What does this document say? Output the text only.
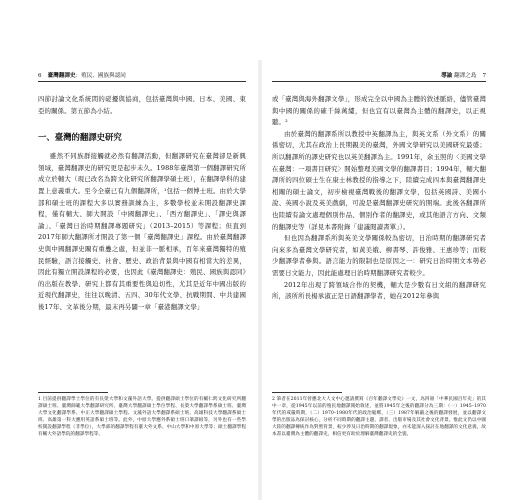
6 臺灣翻譯史：殖民、國族與認同

四節討論文化系統間的磋擾與協商，包括臺灣與中國、日本、美國、東亞的關係。第五節為小結。

一、臺灣的翻譯史研究

雖然不同族群接觸就必然有翻譯活動，但翻譯研究在臺灣卻是新興領域，臺灣翻譯史的研究更是起步未久。1988年臺灣第一個翻譯研究所成立於輔大（現已改名為跨文化研究所翻譯學碩士班），在翻譯學科的建置上意義重大。至今全臺已有九個翻譯所，¹包括一個博士班。由於大學部和碩士班的課程大多以實務訓練為主，多數學校並未開設翻譯史課程，僅有輔大、師大開設「中國翻譯史」、「西方翻譯史」、「譯史與譯論」、「臺灣日治時期翻譯專題研究」（2013–2015）等課程；但直到2017年師大翻譯所才開設了第一個「臺灣翻譯史」課程。由於臺灣翻譯史與中國翻譯史關有重疊之處，但並非一脈相承，百年來臺灣獨特的殖民經驗，語言接觸史、社會、歷史、政治背景與中國有相當大的差異，因此有獨立開設課程的必要，也因此《臺灣翻譯史：殖民、國族與認同》的出版在教學、研究上都有其重要性與迫切性，尤其是近年中國出版的近現代翻譯史，往往以晚清、五四、30年代文學、抗戰期間、中共建國後17年、文革後分期，最末再另闢一章「臺港翻譯文學」

1 目前提供翻譯學士學位的有長榮大學和文藻外語大學。提供翻譯碩士學位的有輔仁跨文化研究所翻譯碩士班、臺灣師範大學翻譯研究所、臺灣大學翻譯碩士學位學程、長榮大學翻譯學系碩士班、臺灣大學文化翻譯學系、中正大學翻譯碩士學程、文藻外語大學翻譯系碩士班、高雄科技大學翻譯系碩士班、高雄第一科大應用英語系碩士班等。此外，中原大學應外系碩士班口筆譯組等，另外也有一些學校開設翻譯學程（非學位），大學部的翻譯學程有臺大外文系、中山大學和中原大學等；碩士翻譯學程有輔大外語學院的翻譯學程等。

導論 翻譯之島 7

或「臺灣與海外翻譯文學」，形成完全以中國為主體的敘述脈絡，儘管臺灣與中國的關係的確千絲萬縷，但也宜有以臺灣為主體的翻譯史，以正視聽。²

由於臺灣的翻譯系所以教授中英翻譯為主，與英文系（外文系）的關係密切，尤其在政治上長期親美的臺灣，外國文學研究以美國研究最盛；所以翻譯所的譯史研究也以英美翻譯為主。1991年，余玉照的〈美國文學在臺灣：一項書目研究〉開始整理美國文學的翻譯書目；1994年，輔大翻譯所的四位碩士生在康士林教授的指導之下，陸續完成四本與臺灣翻譯史相關的碩士論文，初步檢視臺灣戰後的翻譯文學，包括英國詩、美國小說、英國小說及英美戲劇，可說是臺灣翻譯史研究的開端。此後各翻譯所也陸續有論文處理個別作品、個別作者的翻譯史，或其他語言方向、文類的翻譯史等（詳見本書附錄「建議閱讀書單」）。

但也因為翻譯系所與英美文學關係較為密切，日治時期的翻譯研究者向來多為臺灣文學研究者，如黃美娥、柳書琴、許俊雅、王惠珍等；而較少翻譯學者參與。語言能力的限制也是原因之一：研究日治時期文本勢必需要日文能力，因此能處理日治時期翻譯研究者較少。

2012年出現了跨領域合作的契機，輔大是少數有日文組的翻譯研究所，該所所長楊承淑正是日語翻譯學者，她在2012年參與

2 筆者在2011年曾應北大人文中心邀請撰寫《百年翻譯文學史》一文，為四冊「中華民國百年史」的其中一章，從1945年以前的殖民地翻譯開始敘述，並將1945年之後的翻譯分為三期：（一）1945–1970年代的戒嚴時期，（二）1970–1980年代的政治鬆綁，（三）1987年解嚴之後的翻譯發展，並以翻譯文學的出版品為探討核心，分析不同時期的翻譯主題、譯者、出版市場及其社會文化背景。惟此文仍以中國大陸的翻譯傳統作為對照背景，較少涉及日治時期的翻譯現象，亦未能深入探討在地翻譯的文化意義，故本書以臺灣為主體的翻譯史，相信更有助於理解臺灣翻譯史的全貌。
